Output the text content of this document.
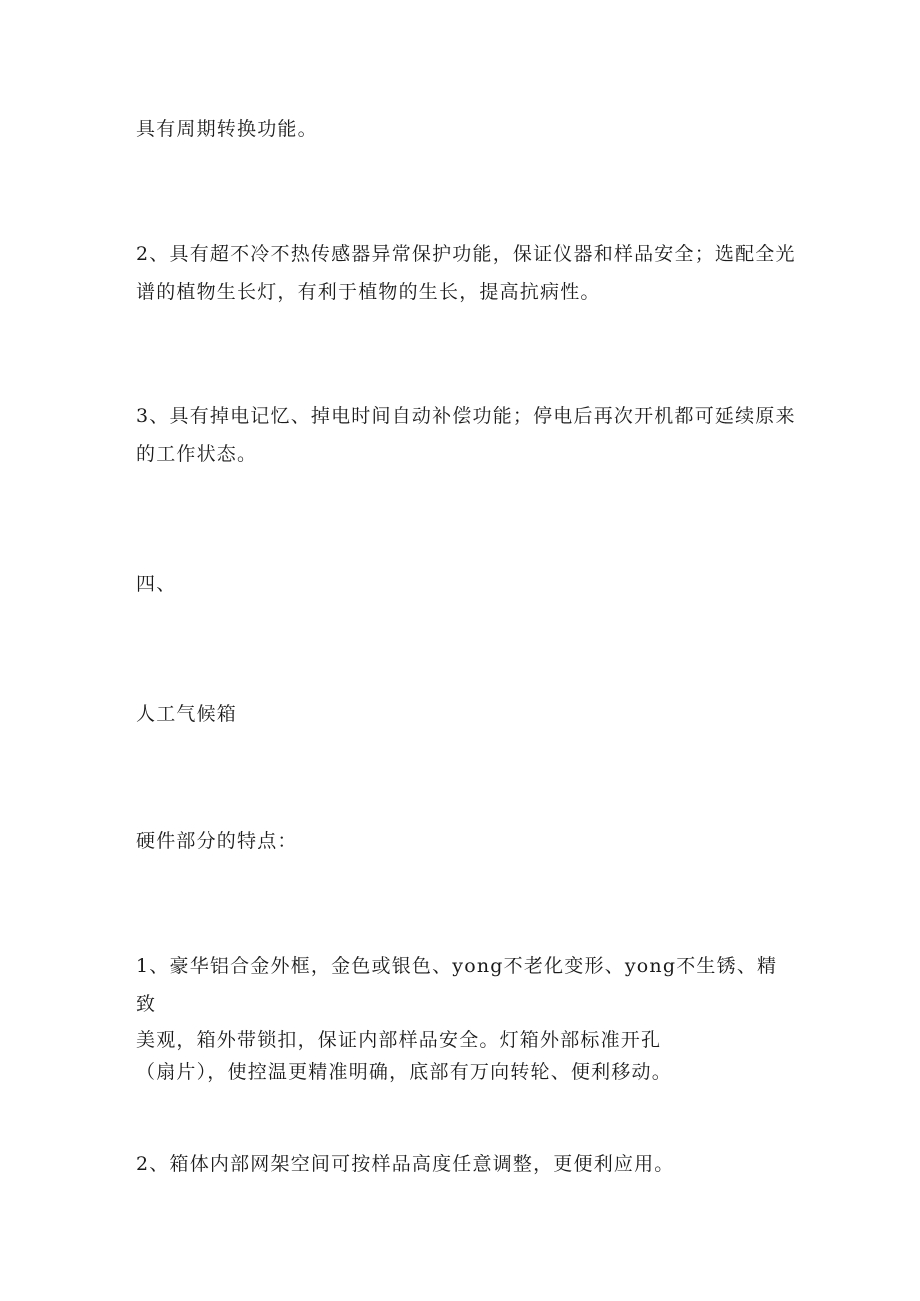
具有周期转换功能。

2、具有超不冷不热传感器异常保护功能，保证仪器和样品安全；选配全光
谱的植物生长灯，有利于植物的生长，提高抗病性。

3、具有掉电记忆、掉电时间自动补偿功能；停电后再次开机都可延续原来
的工作状态。

四、

人工气候箱

硬件部分的特点：

1、豪华铝合金外框，金色或银色、yong不老化变形、yong不生锈、精致
美观，箱外带锁扣，保证内部样品安全。灯箱外部标准开孔
（扇片），使控温更精准明确，底部有万向转轮、便利移动。

2、箱体内部网架空间可按样品高度任意调整，更便利应用。
